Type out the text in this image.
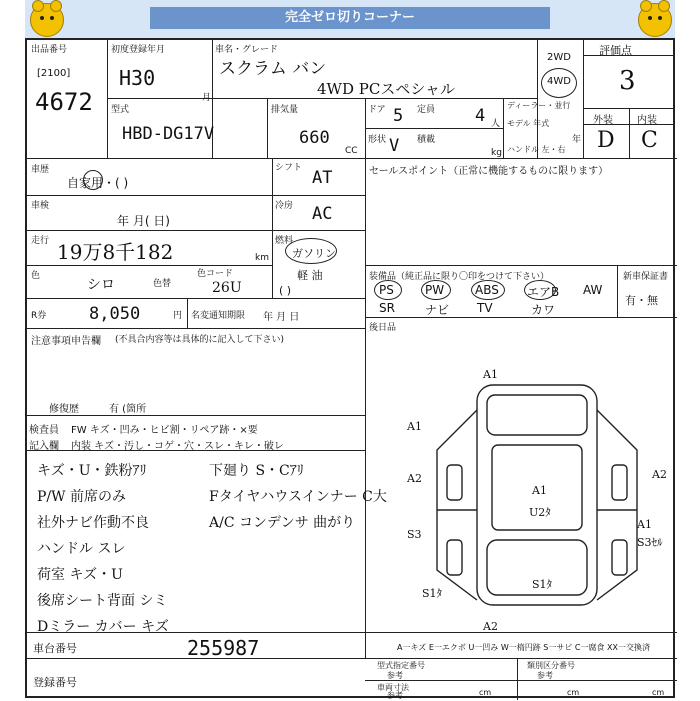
完全ゼロ切りコーナー
出品番号
[2100]
4672
初度登録年月
H30
月
車名・グレード
スクラム バン
4WD PCスペシャル
2WD
4WD
評価点
3
外装 内装
D C
型式
HBD-DG17V
排気量
660
CC
ドア 5 定員 4 人
形状 V 積載
kg
ディーラー・並行
モデル 年式
年
ハンドル 左・右
車歴
自家用・( )
車検
年 月( 日)
走行 19万8千182	km
色
シロ	色替
色コード
26U
シフト AT
冷房 AC
燃料
ガソリン
軽 油
( )
R券	8,050	円 名変通知期限 年 月 日
セールスポイント（正常に機能するものに限ります）
装備品（純正品に限り〇印をつけて下さい）	新車保証書
有・無
PS	PW	ABS エアB AW
SR	ナビ TV	カワ
後日品
注意事項申告欄 (不具合内容等は具体的に記入して下さい)
修復歴	有 (箇所
検査員
記入欄
FW キズ・凹み・ヒビ割・リペア跡・×要
内装 キズ・汚し・コゲ・穴・スレ・キレ・破レ
キズ・U・鉄粉ｱﾘ
P/W 前席のみ
社外ナビ作動不良
ハンドル スレ
荷室 キズ・U
後席シート背面 シミ
Dミラー カバー キズ
下廻り S・Cｱﾘ
Fタイヤハウスインナー C大
A/C コンデンサ 曲がり
A1
A2	A2
S3
A1
A1
U2ﾀ
A1
S3ｾﾙ
S1ﾀ
S1ﾀ
A2
A一キズ E一エクボ U一凹み W一楕円跡 S一サビ C一腐食 XX一交換済
車台番号	255987
登録番号
型式指定番号
参考
類別区分番号
参考
車両寸法
参考	cm	cm	cm
